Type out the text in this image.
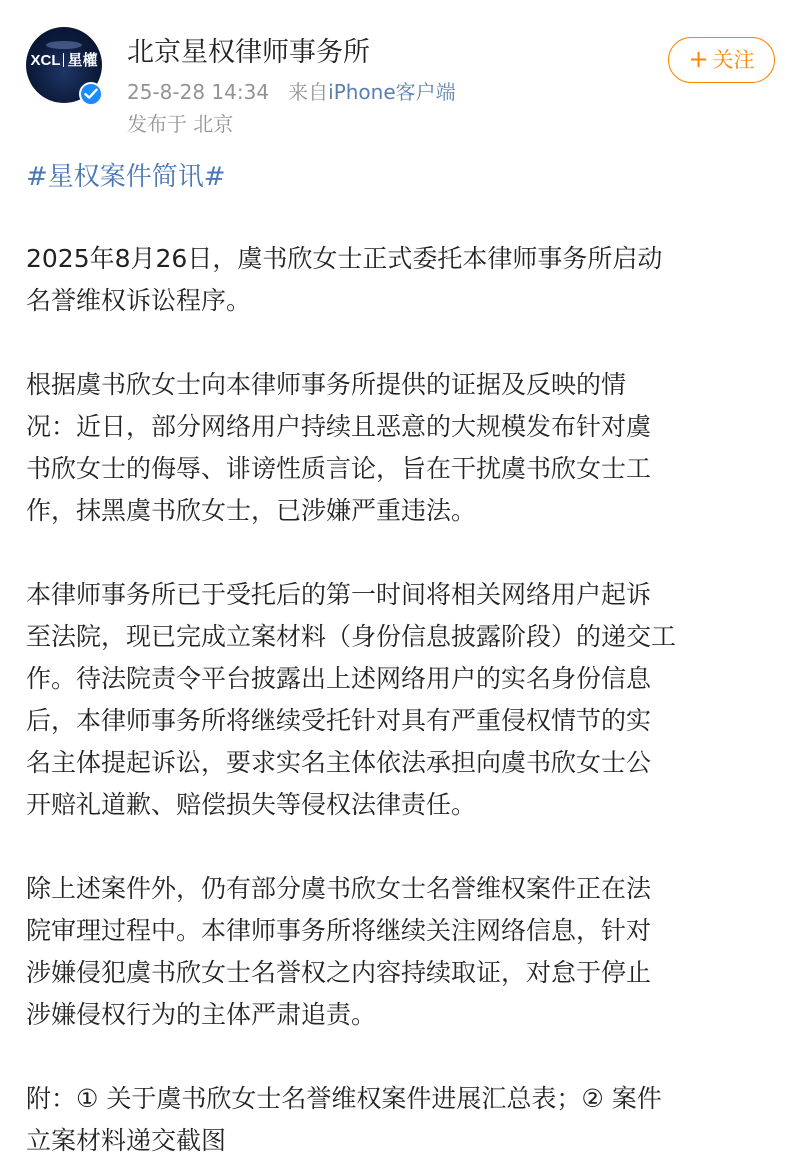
XCL 星權 北京星权律师事务所
25-8-28 14:34 来自iPhone客户端
发布于 北京
+ 关注
#星权案件简讯#

2025年8月26日，虞书欣女士正式委托本律师事务所启动
名誉维权诉讼程序。

根据虞书欣女士向本律师事务所提供的证据及反映的情
况：近日，部分网络用户持续且恶意的大规模发布针对虞
书欣女士的侮辱、诽谤性质言论，旨在干扰虞书欣女士工
作，抹黑虞书欣女士，已涉嫌严重违法。

本律师事务所已于受托后的第一时间将相关网络用户起诉
至法院，现已完成立案材料（身份信息披露阶段）的递交工
作。待法院责令平台披露出上述网络用户的实名身份信息
后，本律师事务所将继续受托针对具有严重侵权情节的实
名主体提起诉讼，要求实名主体依法承担向虞书欣女士公
开赔礼道歉、赔偿损失等侵权法律责任。

除上述案件外，仍有部分虞书欣女士名誉维权案件正在法
院审理过程中。本律师事务所将继续关注网络信息，针对
涉嫌侵犯虞书欣女士名誉权之内容持续取证，对怠于停止
涉嫌侵权行为的主体严肃追责。

附：① 关于虞书欣女士名誉维权案件进展汇总表；② 案件
立案材料递交截图
